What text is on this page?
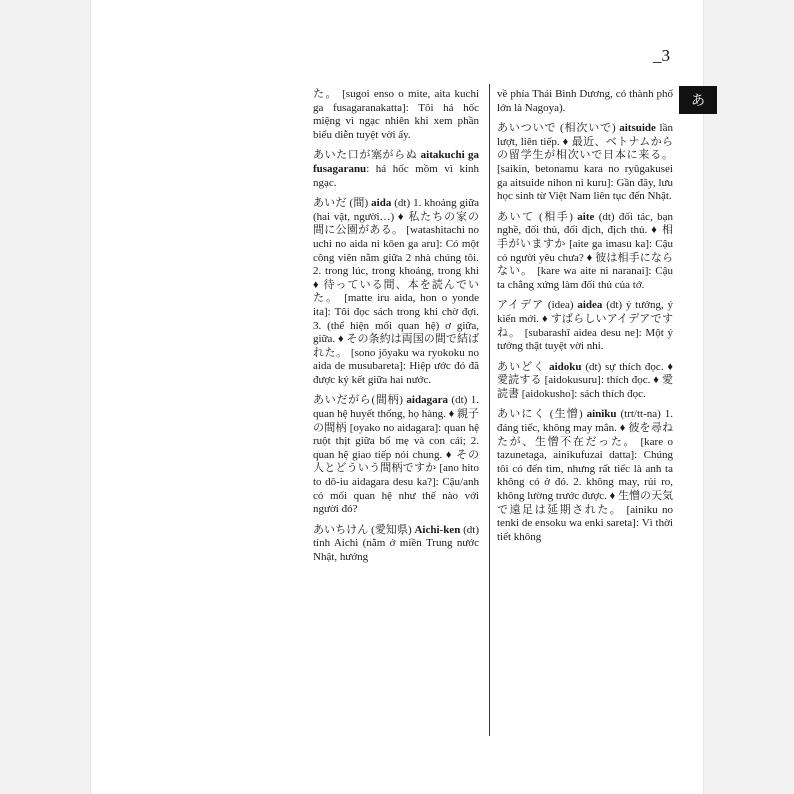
_3
あ

た。 [sugoi enso o mite, aita kuchi ga fusagaranakatta]: Tôi há hốc miệng vì ngạc nhiên khi xem phần biểu diễn tuyệt vời ấy.

あいた口が塞がらぬ aitakuchi ga fusagaranu: há hốc mồm vì kinh ngạc.

あいだ (間) aida (dt) 1. khoảng giữa (hai vật, người…) ♦ 私たちの家の間に公園がある。 [watashitachi no uchi no aida ni kōen ga aru]: Có một công viên nằm giữa 2 nhà chúng tôi. 2. trong lúc, trong khoảng, trong khi ♦ 待っている間、本を読んでいた。 [matte iru aida, hon o yonde ita]: Tôi đọc sách trong khi chờ đợi. 3. (thể hiện mối quan hệ) ơ giữa, giữa. ♦ その条約は両国の間で結ばれた。 [sono jōyaku wa ryokoku no aida de musubareta]: Hiệp ước đó đã được ký kết giữa hai nước.

あいだがら(間柄) aidagara (dt) 1. quan hệ huyết thống, họ hàng. ♦ 親子の間柄 [oyako no aidagara]: quan hệ ruột thịt giữa bố mẹ và con cái; 2. quan hệ giao tiếp nói chung. ♦ その人とどういう間柄ですか [ano hito to dō-iu aidagara desu ka?]: Cậu/anh có mối quan hệ như thế nào với người đó?

あいちけん (愛知県) Aichi-ken (dt) tỉnh Aichi (nằm ở miền Trung nước Nhật, hướng

về phía Thái Bình Dương, có thành phố lớn là Nagoya).

あいついで (相次いで) aitsuide lần lượt, liên tiếp. ♦ 最近、ベトナムからの留学生が相次いで日本に来る。 [saikin, betonamu kara no ryūgakusei ga aitsuide nihon ni kuru]: Gần đây, lưu học sinh từ Việt Nam liên tục đến Nhật.

あいて (相手) aite (dt) đối tác, bạn nghề, đối thủ, đối địch, địch thủ. ♦ 相手がいますか [aite ga imasu ka]: Cậu có người yêu chưa? ♦ 彼は相手にならない。 [kare wa aite ni naranai]: Cậu ta chẳng xứng làm đối thủ của tớ.

アイデア (idea) aidea (dt) ý tưởng, ý kiến mới. ♦ すばらしいアイデアですね。 [subarashī aidea desu ne]: Một ý tưởng thật tuyệt vời nhỉ.

あいどく aidoku (dt) sự thích đọc. ♦ 愛読する [aidokusuru]: thích đọc. ♦ 愛読書 [aidokusho]: sách thích đọc.

あいにく (生憎) ainiku (trt/tt-na) 1. đáng tiếc, không may mắn. ♦ 彼を尋ねたが、生憎不在だった。 [kare o tazunetaga, ainikufuzai datta]: Chúng tôi có đến tìm, nhưng rất tiếc là anh ta không có ở đó. 2. không may, rủi ro, không lường trước được. ♦ 生憎の天気で遠足は延期された。 [ainiku no tenki de ensoku wa enki sareta]: Vì thời tiết không
